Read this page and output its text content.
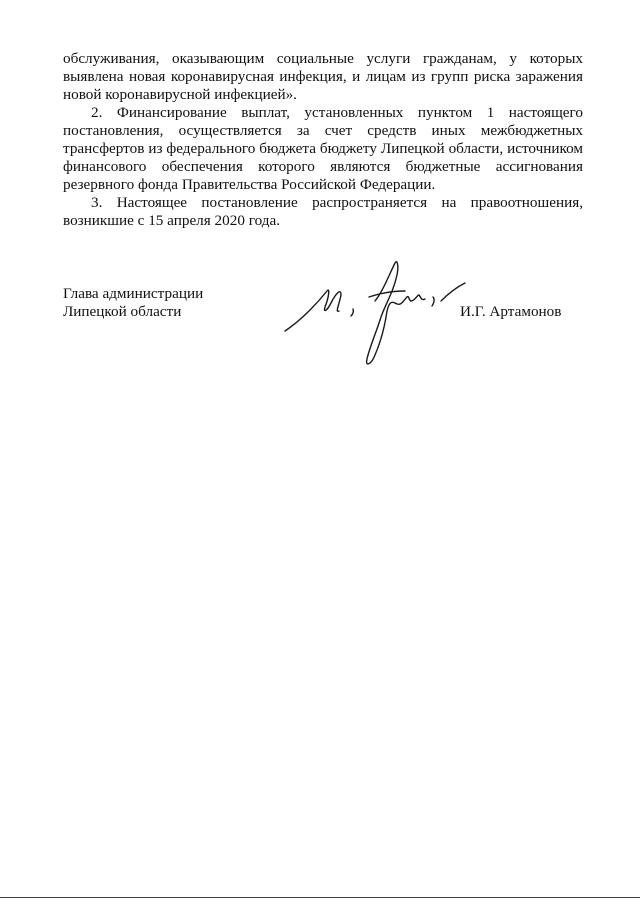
обслуживания, оказывающим социальные услуги гражданам, у которых выявлена новая коронавирусная инфекция, и лицам из групп риска заражения новой коронавирусной инфекцией».

2. Финансирование выплат, установленных пунктом 1 настоящего постановления, осуществляется за счет средств иных межбюджетных трансфертов из федерального бюджета бюджету Липецкой области, источником финансового обеспечения которого являются бюджетные ассигнования резервного фонда Правительства Российской Федерации.

3. Настоящее постановление распространяется на правоотношения, возникшие с 15 апреля 2020 года.

Глава администрации
Липецкой области	И.Г. Артамонов
